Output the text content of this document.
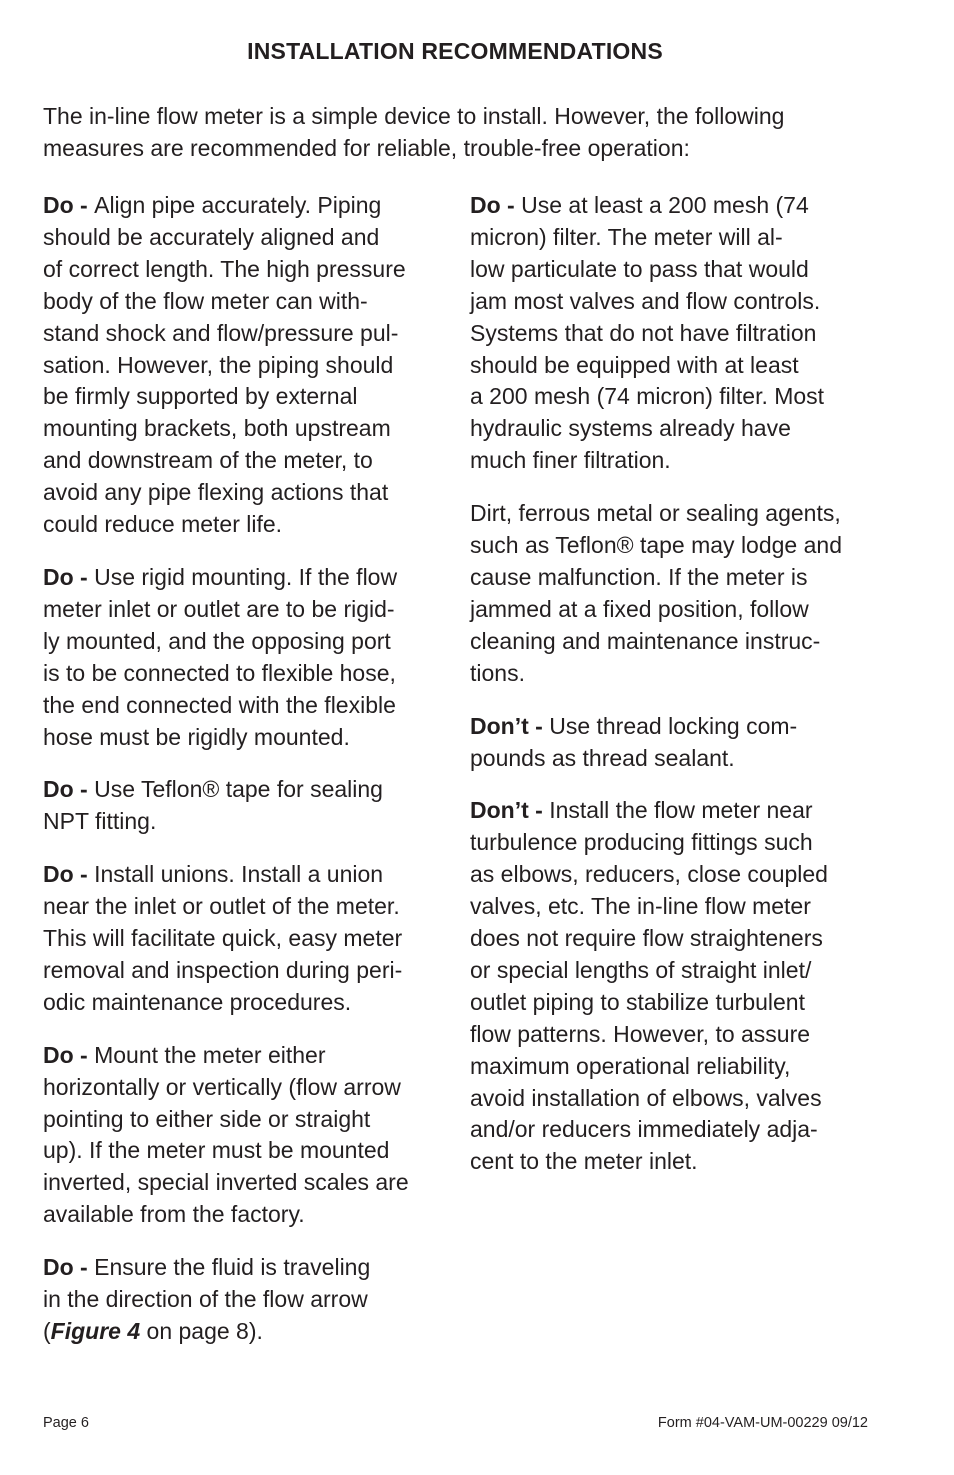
INSTALLATION RECOMMENDATIONS
The in-line flow meter is a simple device to install. However, the following
measures are recommended for reliable, trouble-free operation:
Do - Align pipe accurately. Piping
should be accurately aligned and
of correct length. The high pressure
body of the flow meter can with-
stand shock and flow/pressure pul-
sation. However, the piping should
be firmly supported by external
mounting brackets, both upstream
and downstream of the meter, to
avoid any pipe flexing actions that
could reduce meter life.
Do - Use rigid mounting. If the flow
meter inlet or outlet are to be rigid-
ly mounted, and the opposing port
is to be connected to flexible hose,
the end connected with the flexible
hose must be rigidly mounted.
Do - Use Teflon® tape for sealing
NPT fitting.
Do - Install unions. Install a union
near the inlet or outlet of the meter.
This will facilitate quick, easy meter
removal and inspection during peri-
odic maintenance procedures.
Do - Mount the meter either
horizontally or vertically (flow arrow
pointing to either side or straight
up). If the meter must be mounted
inverted, special inverted scales are
available from the factory.
Do - Ensure the fluid is traveling
in the direction of the flow arrow
(Figure 4 on page 8).
Do - Use at least a 200 mesh (74
micron) filter. The meter will al-
low particulate to pass that would
jam most valves and flow controls.
Systems that do not have filtration
should be equipped with at least
a 200 mesh (74 micron) filter. Most
hydraulic systems already have
much finer filtration.
Dirt, ferrous metal or sealing agents,
such as Teflon® tape may lodge and
cause malfunction. If the meter is
jammed at a fixed position, follow
cleaning and maintenance instruc-
tions.
Don’t - Use thread locking com-
pounds as thread sealant.
Don’t - Install the flow meter near
turbulence producing fittings such
as elbows, reducers, close coupled
valves, etc. The in-line flow meter
does not require flow straighteners
or special lengths of straight inlet/
outlet piping to stabilize turbulent
flow patterns. However, to assure
maximum operational reliability,
avoid installation of elbows, valves
and/or reducers immediately adja-
cent to the meter inlet.
Page 6	Form #04-VAM-UM-00229 09/12
